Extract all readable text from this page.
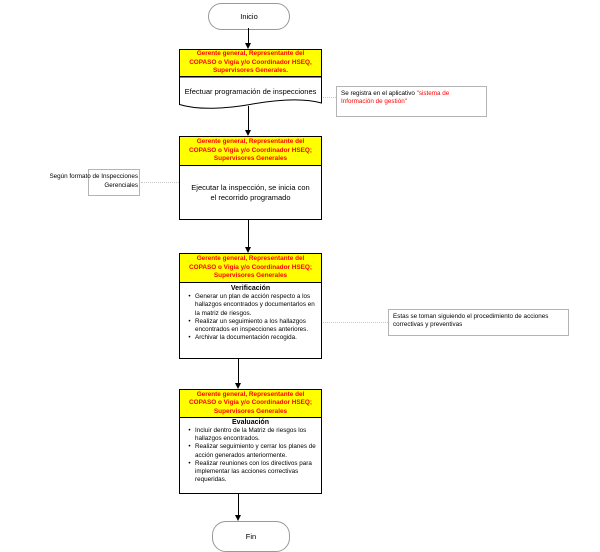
Inicio
Gerente general, Representante del COPASO o Vigía y/o Coordinador HSEQ, Supervisores Generales.
Efectuar programación de inspecciones	Se registra en el aplicativo "sistema de Información de gestión"
Gerente general, Representante del COPASO o Vigía y/o Coordinador HSEQ; Supervisores Generales
Ejecutar la inspección, se inicia con el recorrido programado
Según formato de Inspecciones Gerenciales
Gerente general, Representante del COPASO o Vigía y/o Coordinador HSEQ; Supervisores Generales
Verificación
• Generar un plan de acción respecto a los hallazgos encontrados y documentarlos en la matriz de riesgos.
• Realizar un seguimiento a los hallazgos encontrados en inspecciones anteriores.
• Archivar la documentación recogida.
Estas se toman siguiendo el procedimiento de acciones correctivas y preventivas
Gerente general, Representante del COPASO o Vigía y/o Coordinador HSEQ; Supervisores Generales
Evaluación
• Incluir dentro de la Matriz de riesgos los hallazgos encontrados.
• Realizar seguimiento y cerrar los planes de acción generados anteriormente.
• Realizar reuniones con los directivos para implementar las acciones correctivas requeridas.
Fin
